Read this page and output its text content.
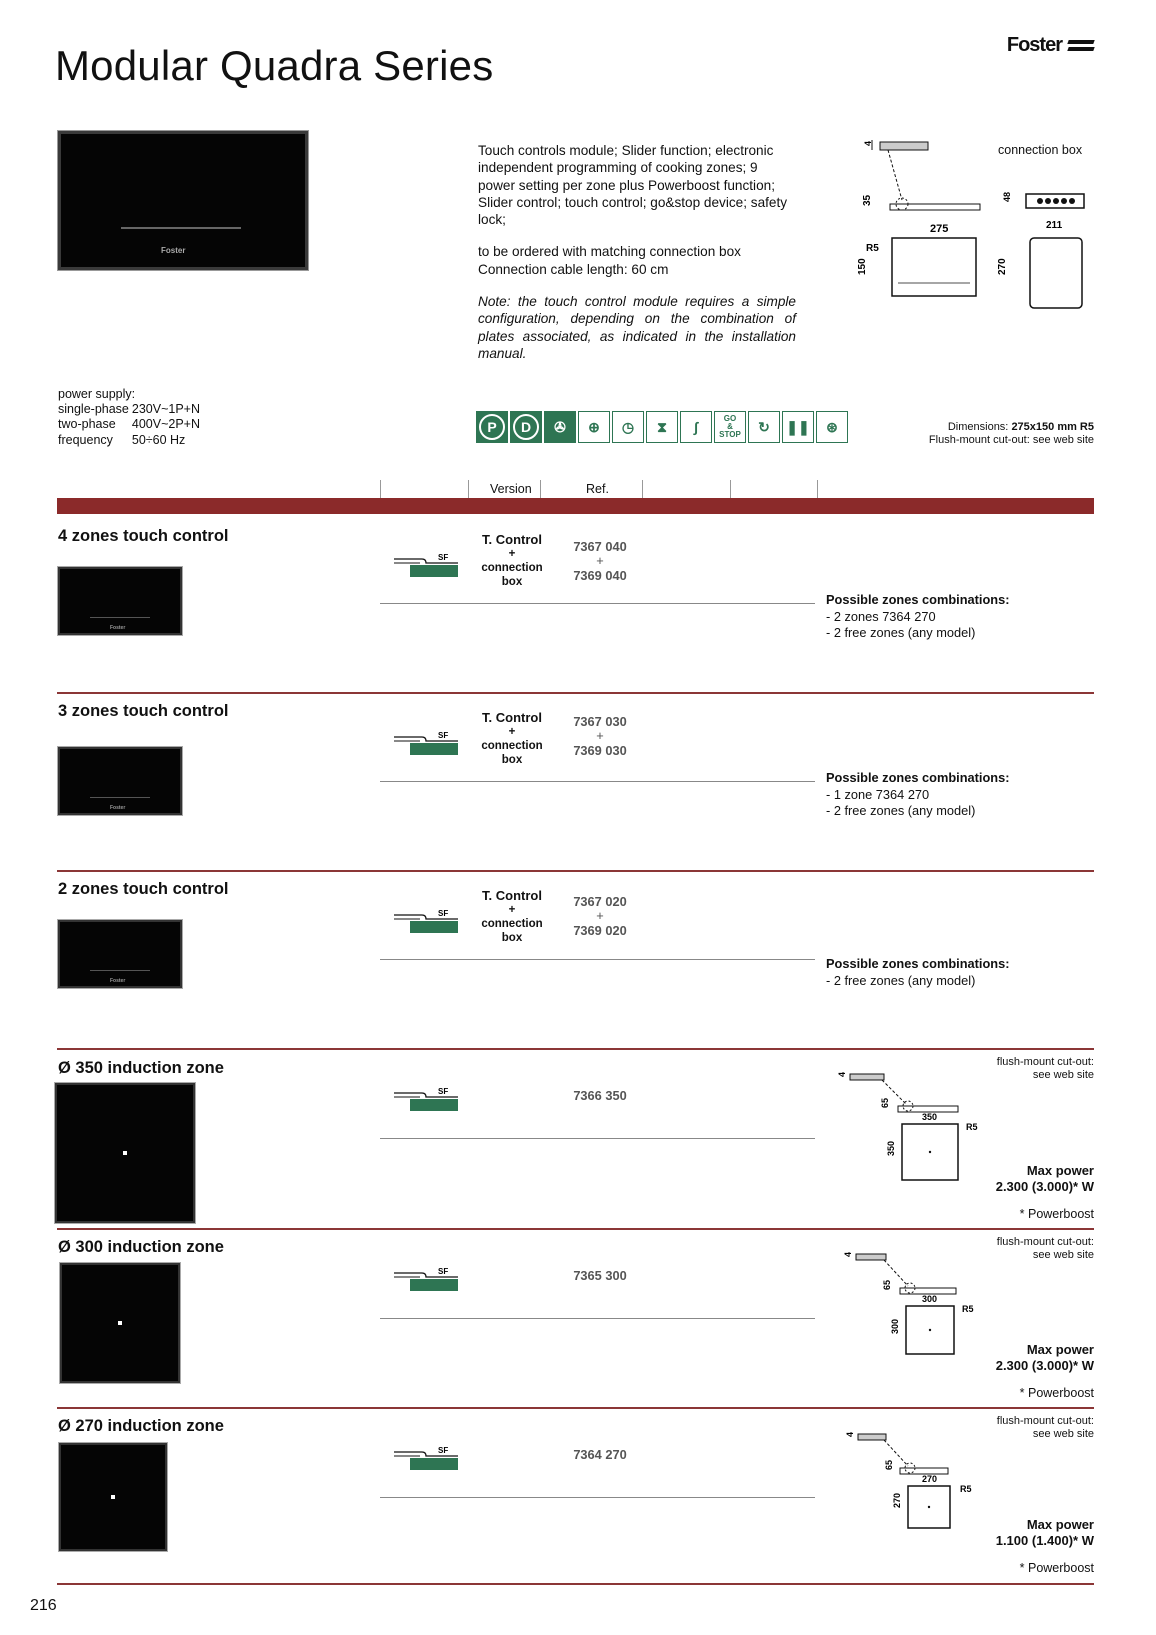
Modular Quadra Series	Foster
Foster

Touch controls module; Slider function; electronic independent programming of cooking zones; 9 power setting per zone plus Powerboost function; Slider control; touch control; go&stop device; safety lock;

to be ordered with matching connection box Connection cable length: 60 cm

Note: the touch control module requires a simple configuration, depending on the combination of plates associated, as indicated in the installation manual.

4
35
275
R5
150
48
211
270
connection box
power supply:
single-phase	230V~1P+N
two-phase	400V~2P+N
frequency	50÷60 Hz
P	D	✇	⊕	◷	⧗	∫
GO
&
STOP	↻	❚❚	⊛	Dimensions: 275x150 mm R5
Flush-mount cut-out: see web site
Version	Ref.
4 zones touch control
Foster
SF
T. Control
+
connection
box
7367 040
+
7369 040
Possible zones combinations:
- 2 zones 7364 270
- 2 free zones (any model)
3 zones touch control
Foster
SF
T. Control
+
connection
box
7367 030
+
7369 030
Possible zones combinations:
- 1 zone 7364 270
- 2 free zones (any model)
2 zones touch control
Foster
SF
T. Control
+
connection
box
7367 020
+
7369 020
Possible zones combinations:
- 2 free zones (any model)
Ø 350 induction zone
SF	7366 350
4
65
350
R5
350
flush-mount cut-out:
see web site
Max power
2.300 (3.000)* W
* Powerboost
Ø 300 induction zone
SF	7365 300
4
65
300
R5
300
flush-mount cut-out:
see web site
Max power
2.300 (3.000)* W
* Powerboost
Ø 270 induction zone
SF	7364 270
4
65
270
R5
270
flush-mount cut-out:
see web site
Max power
1.100 (1.400)* W
* Powerboost
216
